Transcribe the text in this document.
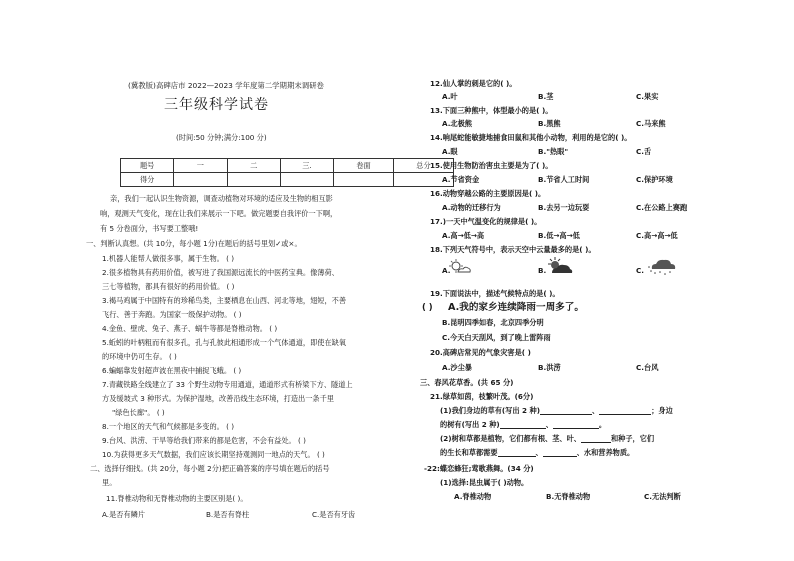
(冀教版)高碑店市 2022—2023 学年度第二学期期末调研卷
三年级科学试卷
(时间:50 分钟;满分:100 分)
题号	一	二	三.	卷面	总分
得分					
亲，我们一起认识生物资源，调查动植物对环境的适应及生物的相互影
响，观测天气变化，现在让我们来展示一下吧。做完题要自我评价一下啊，
有 5 分卷面分，书写要工整哦!
一、判断认真想。(共 10分，每小题 1分)在题后的括号里划✓或×。
1.机器人能帮人做很多事，属于生物。 ( )
2.很多植物具有药用价值，被写进了我国源远流长的中医药宝典。像薄荷、
三七等植物，都具有很好的药用价值。 ( )
3.褐马鸡属于中国特有的珍稀鸟类，主要栖息在山西、河北等地，翅短，不善
飞行、善于奔跑。为国家一级保护动物。 ( )
4.金鱼、壁虎、兔子、燕子、蜗牛等都是脊椎动物。 ( )
5.蚯蚓的叶柄粗而有很多孔，孔与孔彼此相通形成一个气体通道，即使在缺氧
的环境中仍可生存。 ( )
6.蝙蝠靠发射超声波在黑夜中捕捉飞蛾。 ( )
7.青藏铁路全线建立了 33 个野生动物专用通道，通道形式有桥梁下方、隧道上
方及缓坡式 3 种形式。为保护湿地，改善沿线生态环境，打造出一条千里
"绿色长廊"。 ( )
8.一个地区的天气和气候都是多变的。 ( )
9.台风、洪涝、干旱等给我们带来的都是危害，不会有益处。 ( )
10.为获得更多天气数据，我们应该长期坚持观测同一地点的天气。 ( )
二、选择仔细找。(共 20分，每小题 2分)把正确答案的序号填在题后的括号
里。
11.脊椎动物和无脊椎动物的主要区别是( )。
A.是否有鳞片	B.是否有脊柱	C.是否有牙齿
12.仙人掌的刺是它的( )。
A.叶	B.茎	C.果实
13.下面三种熊中，体型最小的是( )。
A.北极熊	B.黑熊	C.马来熊
14.响尾蛇能敏捷地捕食田鼠和其他小动物，利用的是它的( )。
A.眼	B."热眼"	C.舌
15.使用生物防治害虫主要是为了( )。
A.节省资金	B.节省人工时间	C.保护环境
16.动物穿越公路的主要原因是( )。
A.动物的迁移行为	B.去另一边玩耍	C.在公路上赛跑
17.)一天中气温变化的规律是( )。
A.高→低→高	B.低→高→低	C.高→高→低
18.下列天气符号中，表示天空中云量最多的是( )。
A.	B.	C.
19.下面说法中，描述气候特点的是( )。
( ) A.我的家乡连续降雨一周多了。
B.昆明四季如春，北京四季分明
C.今天白天刮风，到了晚上雷阵雨
20.高碑店常见的气象灾害是( )
A.沙尘暴	B.洪涝	C.台风
三、春风花草香。(共 65 分)
21.绿草如茵，枝繁叶茂。(6分)
(1)我们身边的草有(写出 2 种)	、	；身边
的树有(写出 2 种)	、	。
(2)树和草都是植物，它们都有根、茎、叶、	和种子，它们
的生长和草都需要	、	、水和营养物质。
-22:蝶恋蜂狂;莺歌燕舞。(34 分)
(1)选择:昆虫属于( )动物。
A.脊椎动物	B.无脊椎动物	C.无法判断
